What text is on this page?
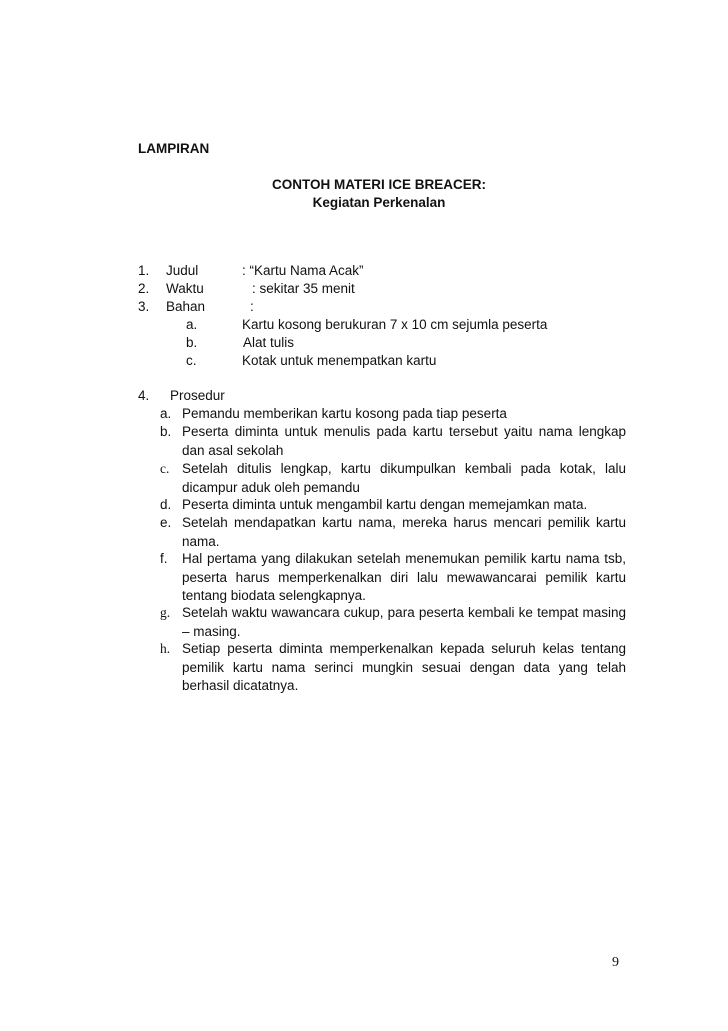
LAMPIRAN
CONTOH MATERI ICE BREACER:
Kegiatan Perkenalan
1. Judul	: “Kartu Nama Acak”
2. Waktu	: sekitar 35 menit
3. Bahan	:
a.	Kartu kosong berukuran 7 x 10 cm sejumla peserta
b.	Alat tulis
c.	Kotak untuk menempatkan kartu
4. Prosedur
a. Pemandu memberikan kartu kosong pada tiap peserta
b. Peserta diminta untuk menulis pada kartu tersebut yaitu nama lengkap dan asal sekolah
c. Setelah ditulis lengkap, kartu dikumpulkan kembali pada kotak, lalu dicampur aduk oleh pemandu
d. Peserta diminta untuk mengambil kartu dengan memejamkan mata.
e. Setelah mendapatkan kartu nama, mereka harus mencari pemilik kartu nama.
f. Hal pertama yang dilakukan setelah menemukan pemilik kartu nama tsb, peserta harus memperkenalkan diri lalu mewawancarai pemilik kartu tentang biodata selengkapnya.
g. Setelah waktu wawancara cukup, para peserta kembali ke tempat masing – masing.
h. Setiap peserta diminta memperkenalkan kepada seluruh kelas tentang pemilik kartu nama serinci mungkin sesuai dengan data yang telah berhasil dicatatnya.
9
